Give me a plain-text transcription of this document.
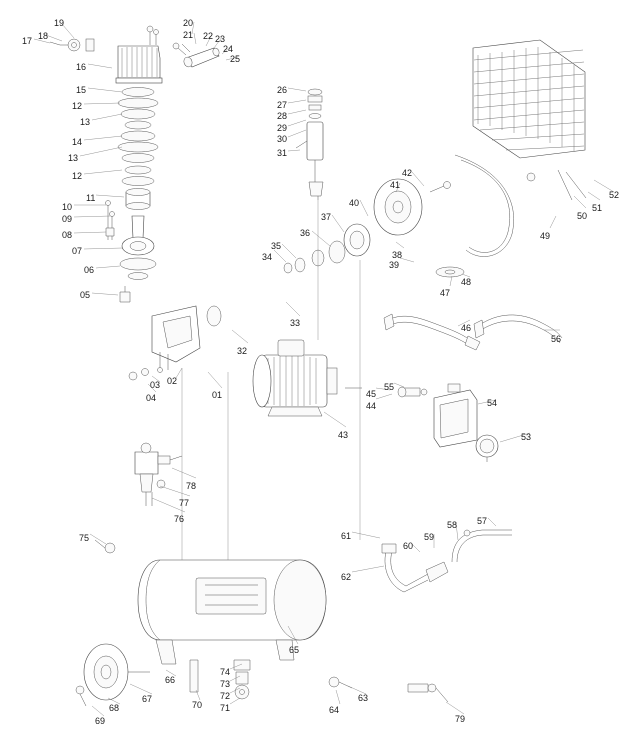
17 18
19
16
15
12
13
14
13
12
11
10
09
08
07
06
05
20
21 22 23
24
25
26
27
28
29
30
31
34
35
36
37
40
41
42
38
39
47
48
49
50
51
52
33
32
46
56
03 02
04	01
43
45
55
44	54
53
78
77
76
75	61
62
60
59
58 57
65
66
67
68
69
70
74
73
72
71	64
63
79
